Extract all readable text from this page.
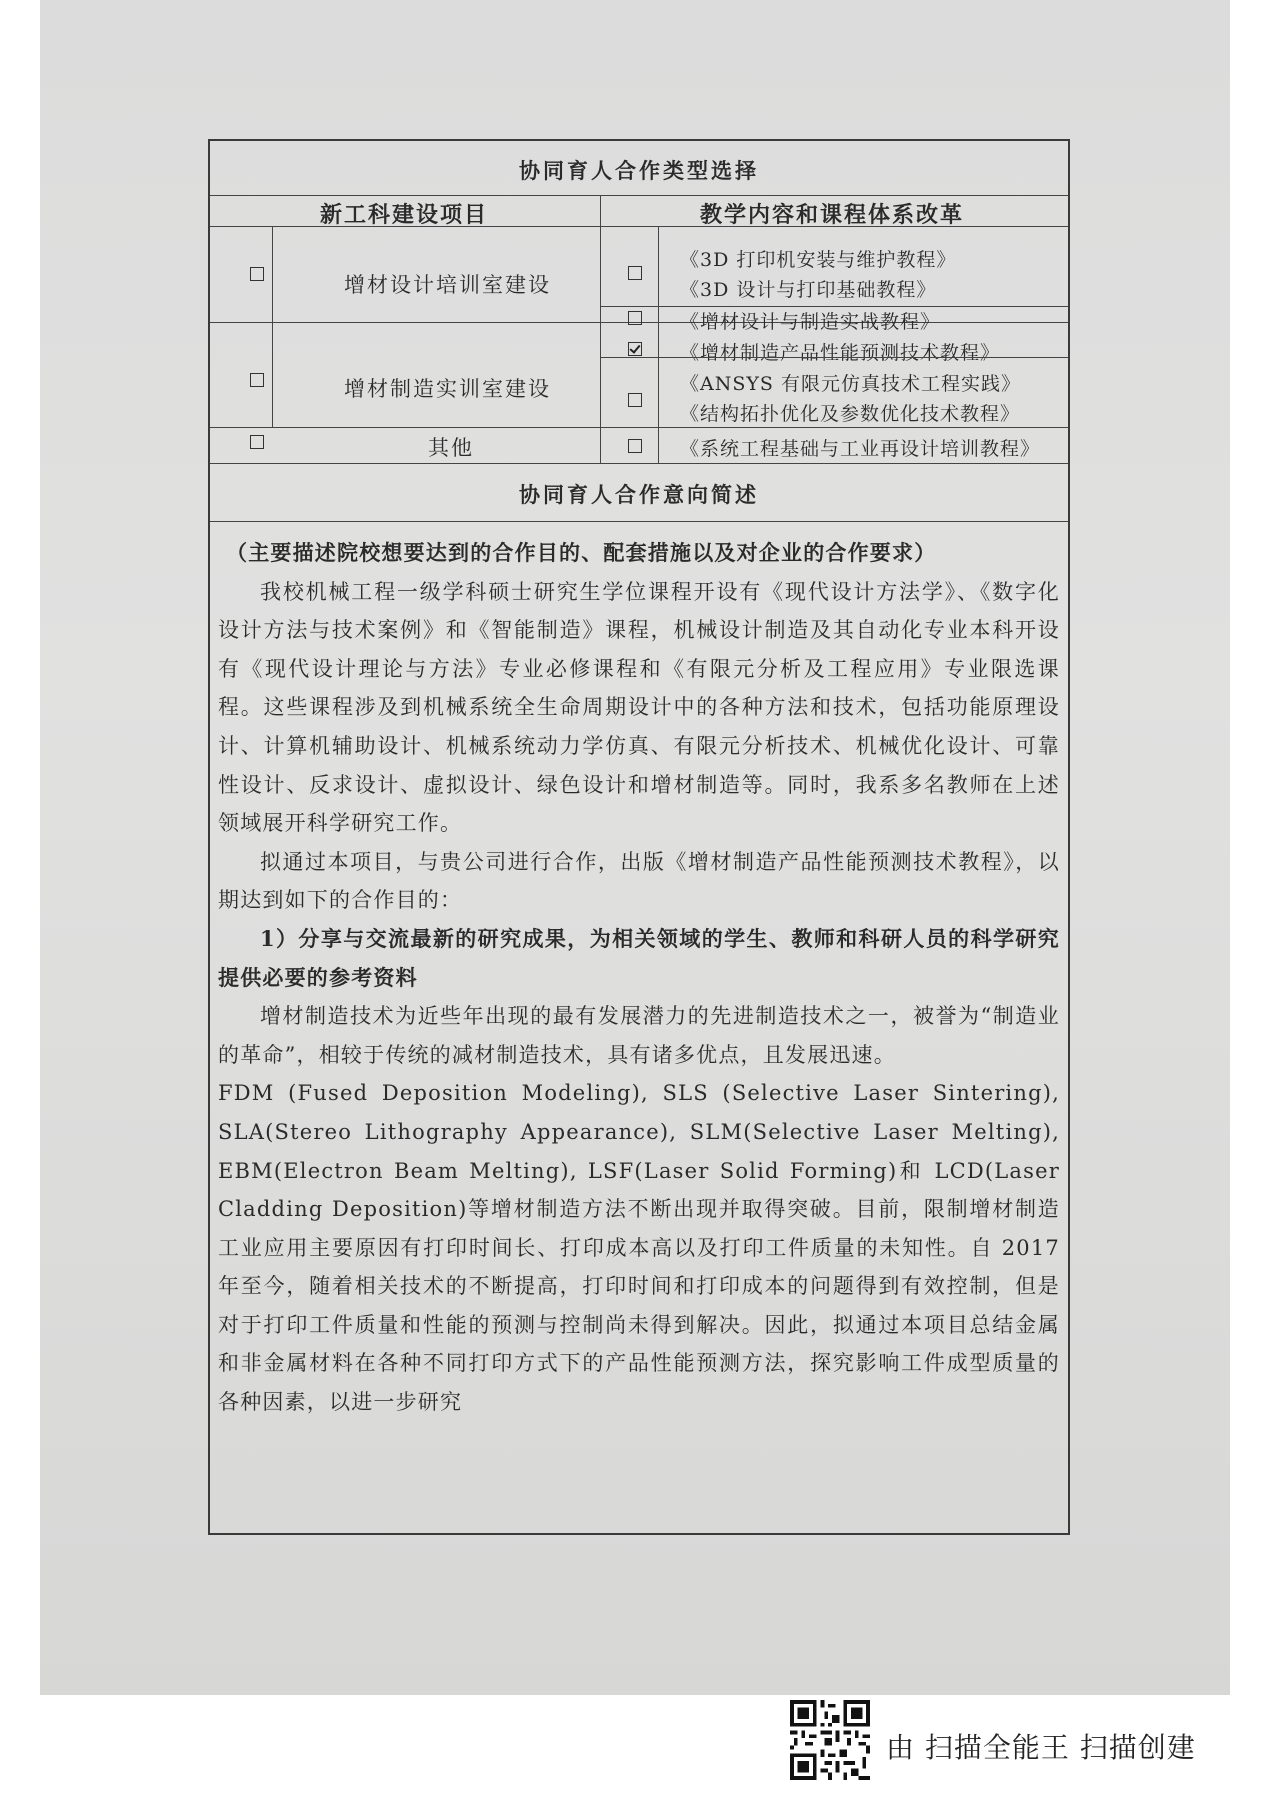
协同育人合作类型选择
新工科建设项目	教学内容和课程体系改革
增材设计培训室建设
《3D 打印机安装与维护教程》
《3D 设计与打印基础教程》
《增材设计与制造实战教程》
增材制造实训室建设
《增材制造产品性能预测技术教程》
《ANSYS 有限元仿真技术工程实践》
《结构拓扑优化及参数优化技术教程》
其他	《系统工程基础与工业再设计培训教程》
协同育人合作意向简述

（主要描述院校想要达到的合作目的、配套措施以及对企业的合作要求）

我校机械工程一级学科硕士研究生学位课程开设有《现代设计方法学》、《数字化设计方法与技术案例》和《智能制造》课程，机械设计制造及其自动化专业本科开设有《现代设计理论与方法》专业必修课程和《有限元分析及工程应用》专业限选课程。这些课程涉及到机械系统全生命周期设计中的各种方法和技术，包括功能原理设计、计算机辅助设计、机械系统动力学仿真、有限元分析技术、机械优化设计、可靠性设计、反求设计、虚拟设计、绿色设计和增材制造等。同时，我系多名教师在上述领域展开科学研究工作。

拟通过本项目，与贵公司进行合作，出版《增材制造产品性能预测技术教程》，以期达到如下的合作目的：

1）分享与交流最新的研究成果，为相关领域的学生、教师和科研人员的科学研究提供必要的参考资料

增材制造技术为近些年出现的最有发展潜力的先进制造技术之一，被誉为“制造业的革命”，相较于传统的减材制造技术，具有诸多优点，且发展迅速。

FDM (Fused Deposition Modeling), SLS (Selective Laser Sintering), SLA(Stereo Lithography Appearance), SLM(Selective Laser Melting), EBM(Electron Beam Melting), LSF(Laser Solid Forming)和 LCD(Laser Cladding Deposition)等增材制造方法不断出现并取得突破。目前，限制增材制造工业应用主要原因有打印时间长、打印成本高以及打印工件质量的未知性。自 2017 年至今，随着相关技术的不断提高，打印时间和打印成本的问题得到有效控制，但是对于打印工件质量和性能的预测与控制尚未得到解决。因此，拟通过本项目总结金属和非金属材料在各种不同打印方式下的产品性能预测方法，探究影响工件成型质量的各种因素，以进一步研究

由 扫描全能王 扫描创建
